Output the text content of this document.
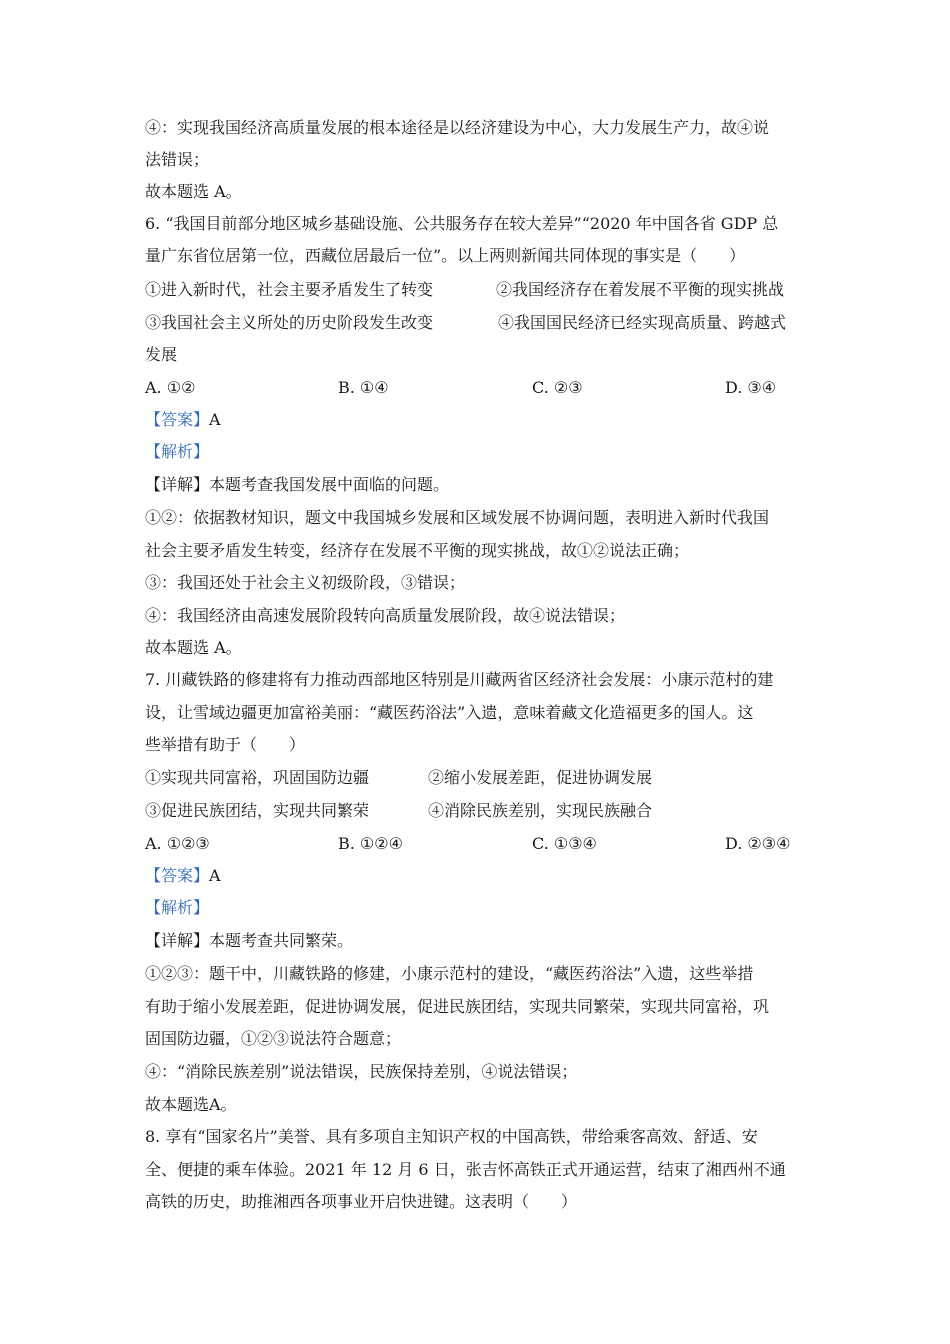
④：实现我国经济高质量发展的根本途径是以经济建设为中心，大力发展生产力，故④说
法错误；
故本题选 A。
6. “我国目前部分地区城乡基础设施、公共服务存在较大差异”“2020 年中国各省 GDP 总
量广东省位居第一位，西藏位居最后一位”。以上两则新闻共同体现的事实是（　　）
①进入新时代，社会主要矛盾发生了转变	②我国经济存在着发展不平衡的现实挑战
③我国社会主义所处的历史阶段发生改变	④我国国民经济已经实现高质量、跨越式
发展
A. ①②	B. ①④	C. ②③	D. ③④
【答案】A
【解析】
【详解】本题考查我国发展中面临的问题。
①②：依据教材知识，题文中我国城乡发展和区域发展不协调问题，表明进入新时代我国
社会主要矛盾发生转变，经济存在发展不平衡的现实挑战，故①②说法正确；
③：我国还处于社会主义初级阶段，③错误；
④：我国经济由高速发展阶段转向高质量发展阶段，故④说法错误；
故本题选 A。
7. 川藏铁路的修建将有力推动西部地区特别是川藏两省区经济社会发展：小康示范村的建
设，让雪域边疆更加富裕美丽：“藏医药浴法”入遗，意味着藏文化造福更多的国人。这
些举措有助于（　　）
①实现共同富裕，巩固国防边疆	②缩小发展差距，促进协调发展
③促进民族团结，实现共同繁荣	④消除民族差别，实现民族融合
A. ①②③	B. ①②④	C. ①③④	D. ②③④
【答案】A
【解析】
【详解】本题考查共同繁荣。
①②③：题干中，川藏铁路的修建，小康示范村的建设，“藏医药浴法”入遗，这些举措
有助于缩小发展差距，促进协调发展，促进民族团结，实现共同繁荣，实现共同富裕，巩
固国防边疆，①②③说法符合题意；
④：“消除民族差别”说法错误，民族保持差别，④说法错误；
故本题选A。
8. 享有“国家名片”美誉、具有多项自主知识产权的中国高铁，带给乘客高效、舒适、安
全、便捷的乘车体验。2021 年 12 月 6 日，张吉怀高铁正式开通运营，结束了湘西州不通
高铁的历史，助推湘西各项事业开启快进键。这表明（　　）
